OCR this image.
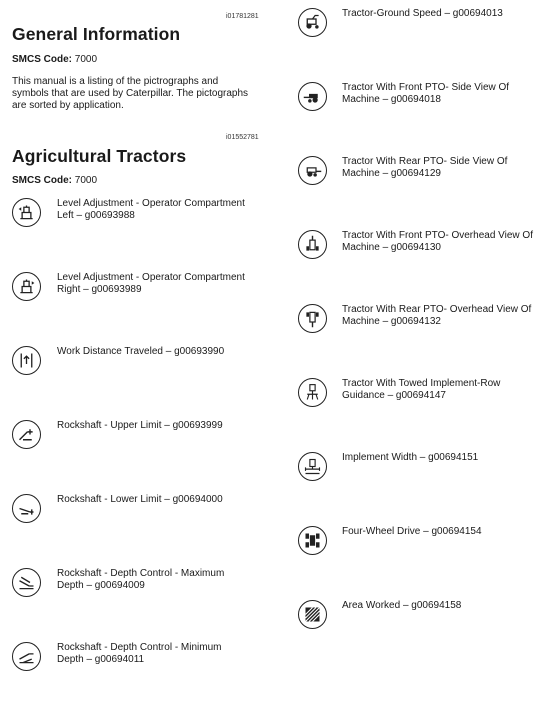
i01781281
General Information
SMCS Code: 7000
This manual is a listing of the pictrographs and symbols that are used by Caterpillar. The pictographs are sorted by application.
i01552781
Agricultural Tractors
SMCS Code: 7000
Level Adjustment - Operator Compartment
Left – g00693988
Level Adjustment - Operator Compartment
Right – g00693989
Work Distance Traveled – g00693990
Rockshaft - Upper Limit – g00693999
Rockshaft - Lower Limit – g00694000
Rockshaft - Depth Control - Maximum
Depth – g00694009
Rockshaft - Depth Control - Minimum
Depth – g00694011
Tractor-Ground Speed – g00694013
Tractor With Front PTO- Side View Of
Machine – g00694018
Tractor With Rear PTO- Side View Of
Machine – g00694129
Tractor With Front PTO- Overhead View Of
Machine – g00694130
Tractor With Rear PTO- Overhead View Of
Machine – g00694132
Tractor With Towed Implement-Row
Guidance – g00694147
Implement Width – g00694151
Four-Wheel Drive – g00694154
Area Worked – g00694158
